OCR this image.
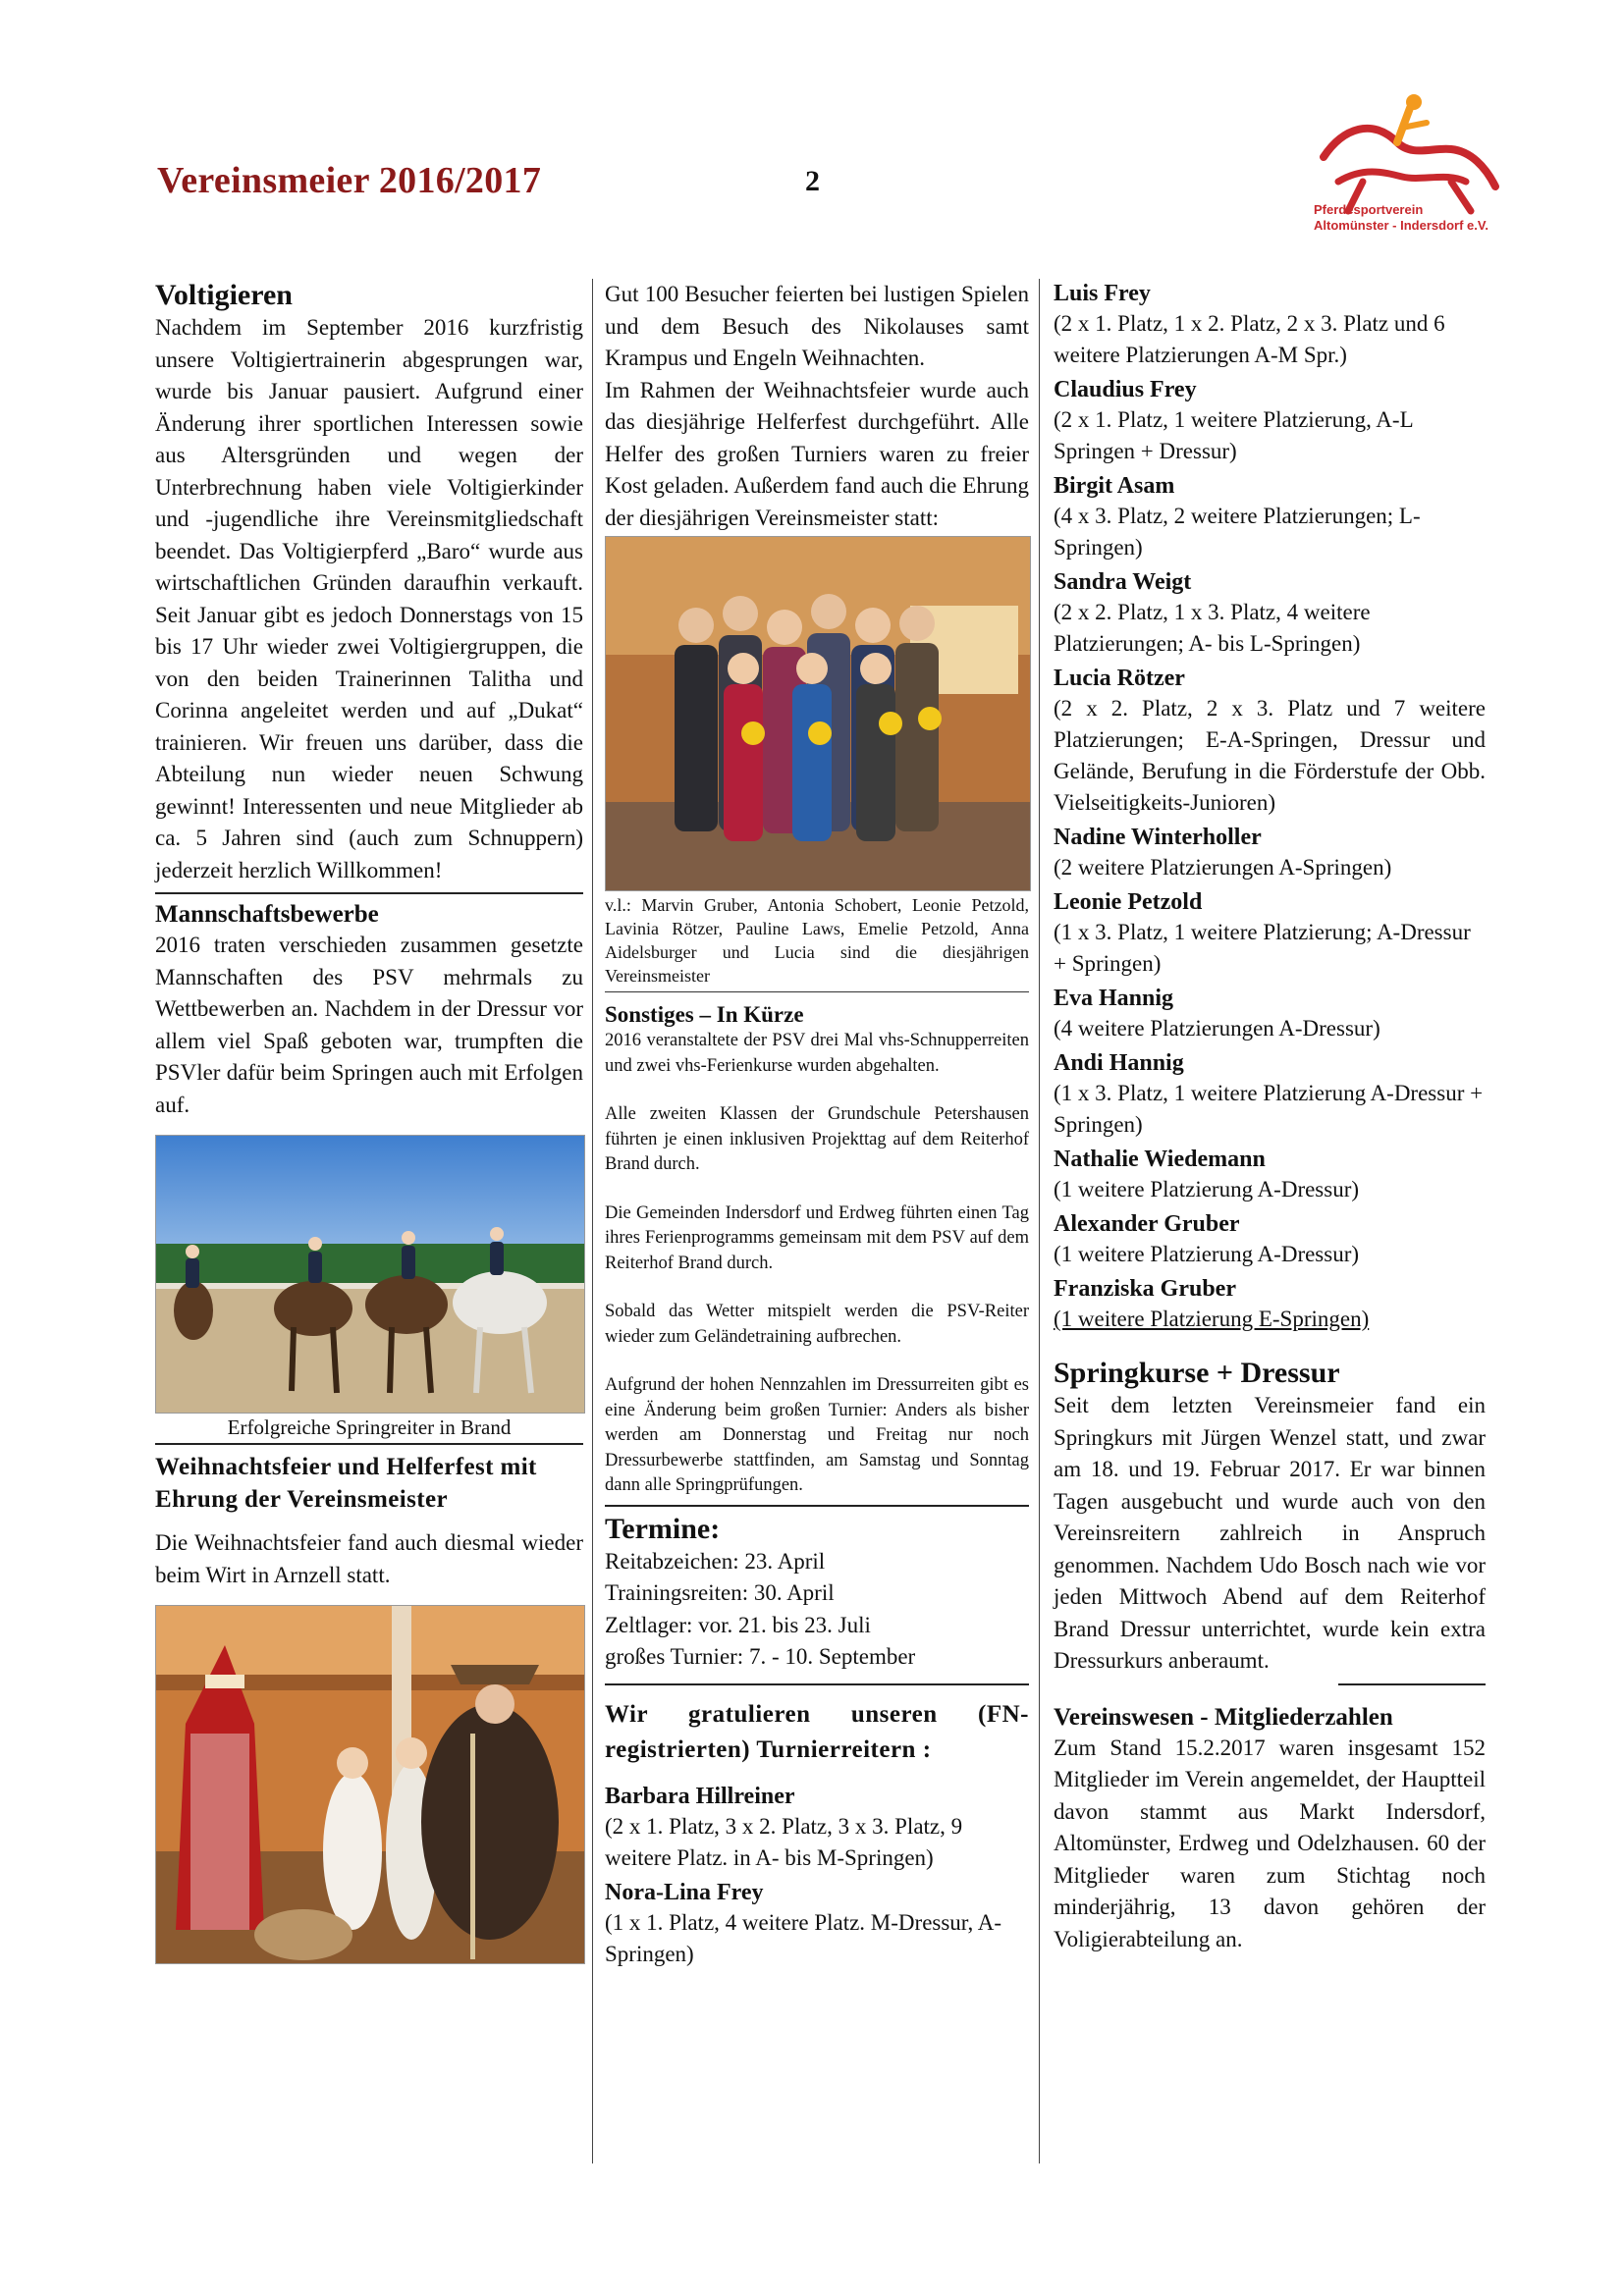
Vereinsmeier 2016/2017	2
Pferdesportverein
Altomünster - Indersdorf e.V.
Voltigieren

Nachdem im September 2016 kurzfristig unsere Voltigiertrainerin abgesprungen war, wurde bis Januar pausiert. Aufgrund einer Änderung ihrer sportlichen Interessen sowie aus Altersgründen und wegen der Unterbrechnung haben viele Voltigierkinder und -jugendliche ihre Vereinsmitgliedschaft beendet. Das Voltigierpferd „Baro“ wurde aus wirtschaftlichen Gründen daraufhin verkauft. Seit Januar gibt es jedoch Donnerstags von 15 bis 17 Uhr wieder zwei Voltigiergruppen, die von den beiden Trainerinnen Talitha und Corinna angeleitet werden und auf „Dukat“ trainieren. Wir freuen uns darüber, dass die Abteilung nun wieder neuen Schwung gewinnt! Interessenten und neue Mitglieder ab ca. 5 Jahren sind (auch zum Schnuppern) jederzeit herzlich Willkommen!

Mannschaftsbewerbe

2016 traten verschieden zusammen gesetzte Mannschaften des PSV mehrmals zu Wettbewerben an. Nachdem in der Dressur vor allem viel Spaß geboten war, trumpften die PSVler dafür beim Springen auch mit Erfolgen auf.

Erfolgreiche Springreiter in Brand
Weihnachtsfeier und Helferfest mit Ehrung der Vereinsmeister

Die Weihnachtsfeier fand auch diesmal wieder beim Wirt in Arnzell statt.

Gut 100 Besucher feierten bei lustigen Spielen und dem Besuch des Nikolauses samt Krampus und Engeln Weihnachten.

Im Rahmen der Weihnachtsfeier wurde auch das diesjährige Helferfest durchgeführt. Alle Helfer des großen Turniers waren zu freier Kost geladen. Außerdem fand auch die Ehrung der diesjährigen Vereinsmeister statt:

v.l.: Marvin Gruber, Antonia Schobert, Leonie Petzold, Lavinia Rötzer, Pauline Laws, Emelie Petzold, Anna Aidelsburger und Lucia sind die diesjährigen Vereinsmeister
Sonstiges – In Kürze

2016 veranstaltete der PSV drei Mal vhs-Schnupperreiten und zwei vhs-Ferienkurse wurden abgehalten.

Alle zweiten Klassen der Grundschule Petershausen führten je einen inklusiven Projekttag auf dem Reiterhof Brand durch.

Die Gemeinden Indersdorf und Erdweg führten einen Tag ihres Ferienprogramms gemeinsam mit dem PSV auf dem Reiterhof Brand durch.

Sobald das Wetter mitspielt werden die PSV-Reiter wieder zum Geländetraining aufbrechen.

Aufgrund der hohen Nennzahlen im Dressurreiten gibt es eine Änderung beim großen Turnier: Anders als bisher werden am Donnerstag und Freitag nur noch Dressurbewerbe stattfinden, am Samstag und Sonntag dann alle Springprüfungen.

Termine:

Reitabzeichen: 23. April

Trainingsreiten: 30. April

Zeltlager: vor. 21. bis 23. Juli

großes Turnier: 7. - 10. September

Wir gratulieren unseren (FN-registrierten) Turnierreitern :
Barbara Hillreiner

(2 x 1. Platz, 3 x 2. Platz, 3 x 3. Platz, 9 weitere Platz. in A- bis M-Springen)

Nora-Lina Frey

(1 x 1. Platz, 4 weitere Platz. M-Dressur, A-Springen)

Luis Frey

(2 x 1. Platz, 1 x 2. Platz, 2 x 3. Platz und 6 weitere Platzierungen A-M Spr.)

Claudius Frey

(2 x 1. Platz, 1 weitere Platzierung, A-L Springen + Dressur)

Birgit Asam

(4 x 3. Platz, 2 weitere Platzierungen; L-Springen)

Sandra Weigt

(2 x 2. Platz, 1 x 3. Platz, 4 weitere Platzierungen; A- bis L-Springen)

Lucia Rötzer

(2 x 2. Platz, 2 x 3. Platz und 7 weitere Platzierungen; E-A-Springen, Dressur und Gelände, Berufung in die Förderstufe der Obb. Vielseitigkeits-Junioren)

Nadine Winterholler

(2 weitere Platzierungen A-Springen)

Leonie Petzold

(1 x 3. Platz, 1 weitere Platzierung; A-Dressur + Springen)

Eva Hannig

(4 weitere Platzierungen A-Dressur)

Andi Hannig

(1 x 3. Platz, 1 weitere Platzierung A-Dressur + Springen)

Nathalie Wiedemann

(1 weitere Platzierung A-Dressur)

Alexander Gruber

(1 weitere Platzierung A-Dressur)

Franziska Gruber

(1 weitere Platzierung E-Springen)

Springkurse + Dressur

Seit dem letzten Vereinsmeier fand ein Springkurs mit Jürgen Wenzel statt, und zwar am 18. und 19. Februar 2017. Er war binnen Tagen ausgebucht und wurde auch von den Vereinsreitern zahlreich in Anspruch genommen. Nachdem Udo Bosch nach wie vor jeden Mittwoch Abend auf dem Reiterhof Brand Dressur unterrichtet, wurde kein extra Dressurkurs anberaumt.

Vereinswesen - Mitgliederzahlen

Zum Stand 15.2.2017 waren insgesamt 152 Mitglieder im Verein angemeldet, der Hauptteil davon stammt aus Markt Indersdorf, Altomünster, Erdweg und Odelzhausen. 60 der Mitglieder waren zum Stichtag noch minderjährig, 13 davon gehören der Voligierabteilung an.
